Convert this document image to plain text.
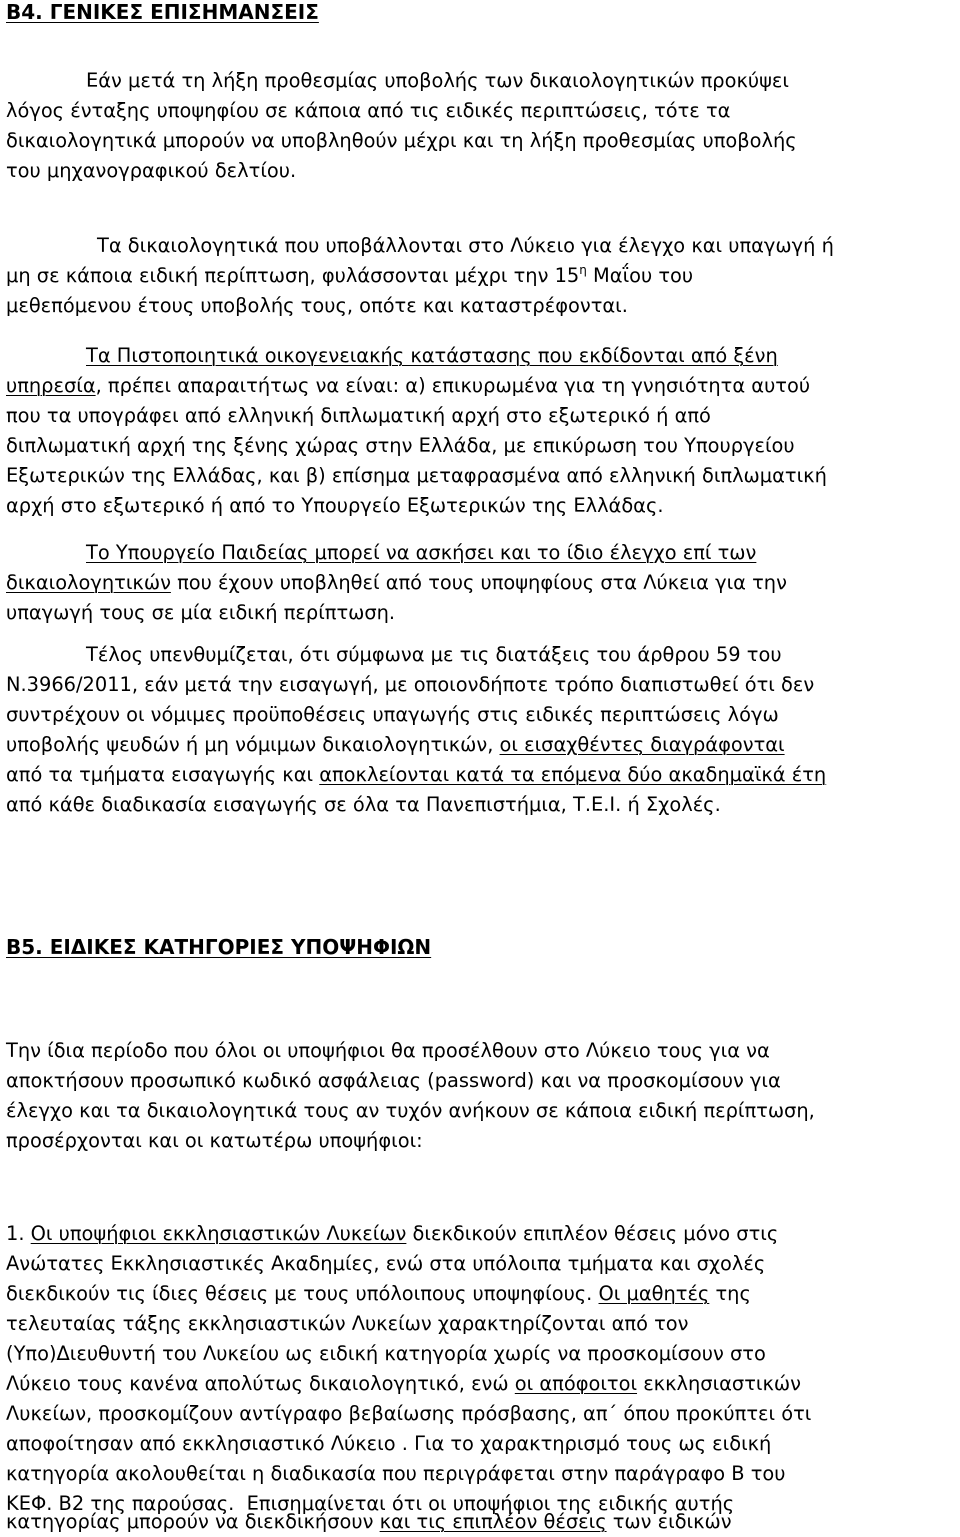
Β4. ΓΕΝΙΚΕΣ ΕΠΙΣΗΜΑΝΣΕΙΣ
Εάν μετά τη λήξη προθεσμίας υποβολής των δικαιολογητικών προκύψει
λόγος ένταξης υποψηφίου σε κάποια από τις ειδικές περιπτώσεις, τότε τα
δικαιολογητικά μπορούν να υποβληθούν μέχρι και τη λήξη προθεσμίας υποβολής
του μηχανογραφικού δελτίου.
Τα δικαιολογητικά που υποβάλλονται στο Λύκειο για έλεγχο και υπαγωγή ή
μη σε κάποια ειδική περίπτωση, φυλάσσονται μέχρι την $15^\eta$ Μαΐου του
μεθεπόμενου έτους υποβολής τους, οπότε και καταστρέφονται.
Τα Πιστοποιητικά οικογενειακής κατάστασης που εκδίδονται από ξένη
υπηρεσία, πρέπει απαραιτήτως να είναι: α) επικυρωμένα για τη γνησιότητα αυτού
που τα υπογράφει από ελληνική διπλωματική αρχή στο εξωτερικό ή από
διπλωματική αρχή της ξένης χώρας στην Ελλάδα, με επικύρωση του Υπουργείου
Εξωτερικών της Ελλάδας, και β) επίσημα μεταφρασμένα από ελληνική διπλωματική
αρχή στο εξωτερικό ή από το Υπουργείο Εξωτερικών της Ελλάδας.
Το Υπουργείο Παιδείας μπορεί να ασκήσει και το ίδιο έλεγχο επί των
δικαιολογητικών που έχουν υποβληθεί από τους υποψηφίους στα Λύκεια για την
υπαγωγή τους σε μία ειδική περίπτωση.
Τέλος υπενθυμίζεται, ότι σύμφωνα με τις διατάξεις του άρθρου 59 του
Ν.3966/2011, εάν μετά την εισαγωγή, με οποιονδήποτε τρόπο διαπιστωθεί ότι δεν
συντρέχουν οι νόμιμες προϋποθέσεις υπαγωγής στις ειδικές περιπτώσεις λόγω
υποβολής ψευδών ή μη νόμιμων δικαιολογητικών, οι εισαχθέντες διαγράφονται
από τα τμήματα εισαγωγής και αποκλείονται κατά τα επόμενα δύο ακαδημαϊκά έτη
από κάθε διαδικασία εισαγωγής σε όλα τα Πανεπιστήμια, Τ.Ε.Ι. ή Σχολές.
Β5. ΕΙΔΙΚΕΣ ΚΑΤΗΓΟΡΙΕΣ ΥΠΟΨΗΦΙΩΝ
Την ίδια περίοδο που όλοι οι υποψήφιοι θα προσέλθουν στο Λύκειο τους για να
αποκτήσουν προσωπικό κωδικό ασφάλειας (password) και να προσκομίσουν για
έλεγχο και τα δικαιολογητικά τους αν τυχόν ανήκουν σε κάποια ειδική περίπτωση,
προσέρχονται και οι κατωτέρω υποψήφιοι:
1. Οι υποψήφιοι εκκλησιαστικών Λυκείων διεκδικούν επιπλέον θέσεις μόνο στις
Ανώτατες Εκκλησιαστικές Ακαδημίες, ενώ στα υπόλοιπα τμήματα και σχολές
διεκδικούν τις ίδιες θέσεις με τους υπόλοιπους υποψηφίους. Οι μαθητές της
τελευταίας τάξης εκκλησιαστικών Λυκείων χαρακτηρίζονται από τον
(Υπο)Διευθυντή του Λυκείου ως ειδική κατηγορία χωρίς να προσκομίσουν στο
Λύκειο τους κανένα απολύτως δικαιολογητικό, ενώ οι απόφοιτοι εκκλησιαστικών
Λυκείων, προσκομίζουν αντίγραφο βεβαίωσης πρόσβασης, απ΄ όπου προκύπτει ότι
αποφοίτησαν από εκκλησιαστικό Λύκειο . Για το χαρακτηρισμό τους ως ειδική
κατηγορία ακολουθείται η διαδικασία που περιγράφεται στην παράγραφο Β του
ΚΕΦ. Β2 της παρούσας.  Επισημαίνεται ότι οι υποψήφιοι της ειδικής αυτής
κατηγορίας μπορούν να διεκδικήσουν και τις επιπλέον θέσεις των ειδικών
